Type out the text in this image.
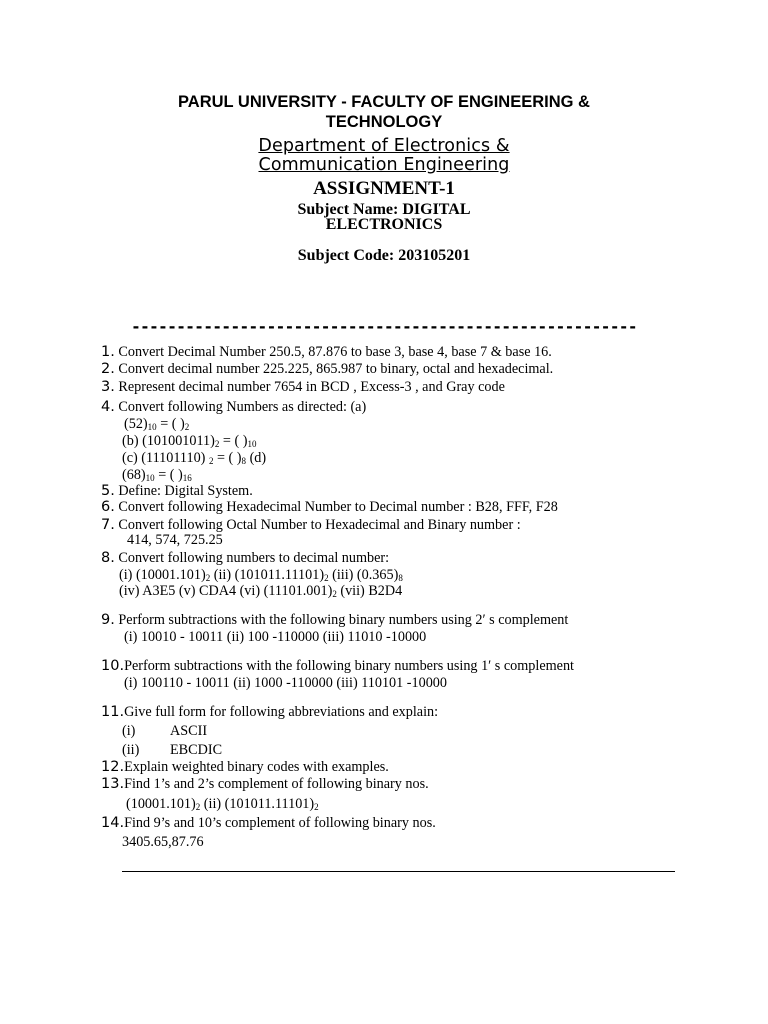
PARUL UNIVERSITY - FACULTY OF ENGINEERING &
TECHNOLOGY
Department of Electronics &
Communication Engineering
ASSIGNMENT-1
Subject Name: DIGITAL
ELECTRONICS
Subject Code: 203105201
--------------------------------------------------------
1. Convert Decimal Number 250.5, 87.876 to base 3, base 4, base 7 & base 16.
2. Convert decimal number 225.225, 865.987 to binary, octal and hexadecimal.
3. Represent decimal number 7654 in BCD , Excess-3 , and Gray code
4. Convert following Numbers as directed: (a)
$(52)_{10}$ = ( )$_2$
(b) $(101001011)_2$ = ( )$_{10}$
(c) (11101110) $_2$ = ( )$_8$ (d)
$(68)_{10}$ = ( )$_{16}$
5. Define: Digital System.
6. Convert following Hexadecimal Number to Decimal number : B28, FFF, F28
7. Convert following Octal Number to Hexadecimal and Binary number :
414, 574, 725.25
8. Convert following numbers to decimal number:
(i) $(10001.101)_2$ (ii) $(101011.11101)_2$ (iii) $(0.365)_8$
(iv) A3E5 (v) CDA4 (vi) $(11101.001)_2$ (vii) B2D4
9. Perform subtractions with the following binary numbers using 2′ s complement
(i) 10010 - 10011 (ii) 100 -110000 (iii) 11010 -10000
10.Perform subtractions with the following binary numbers using 1′ s complement
(i) 100110 - 10011 (ii) 1000 -110000 (iii) 110101 -10000
11.Give full form for following abbreviations and explain:
(i) ASCII
(ii) EBCDIC
12.Explain weighted binary codes with examples.
13.Find 1’s and 2’s complement of following binary nos.
$(10001.101)_2$ (ii) $(101011.11101)_2$
14.Find 9’s and 10’s complement of following binary nos.
3405.65,87.76
